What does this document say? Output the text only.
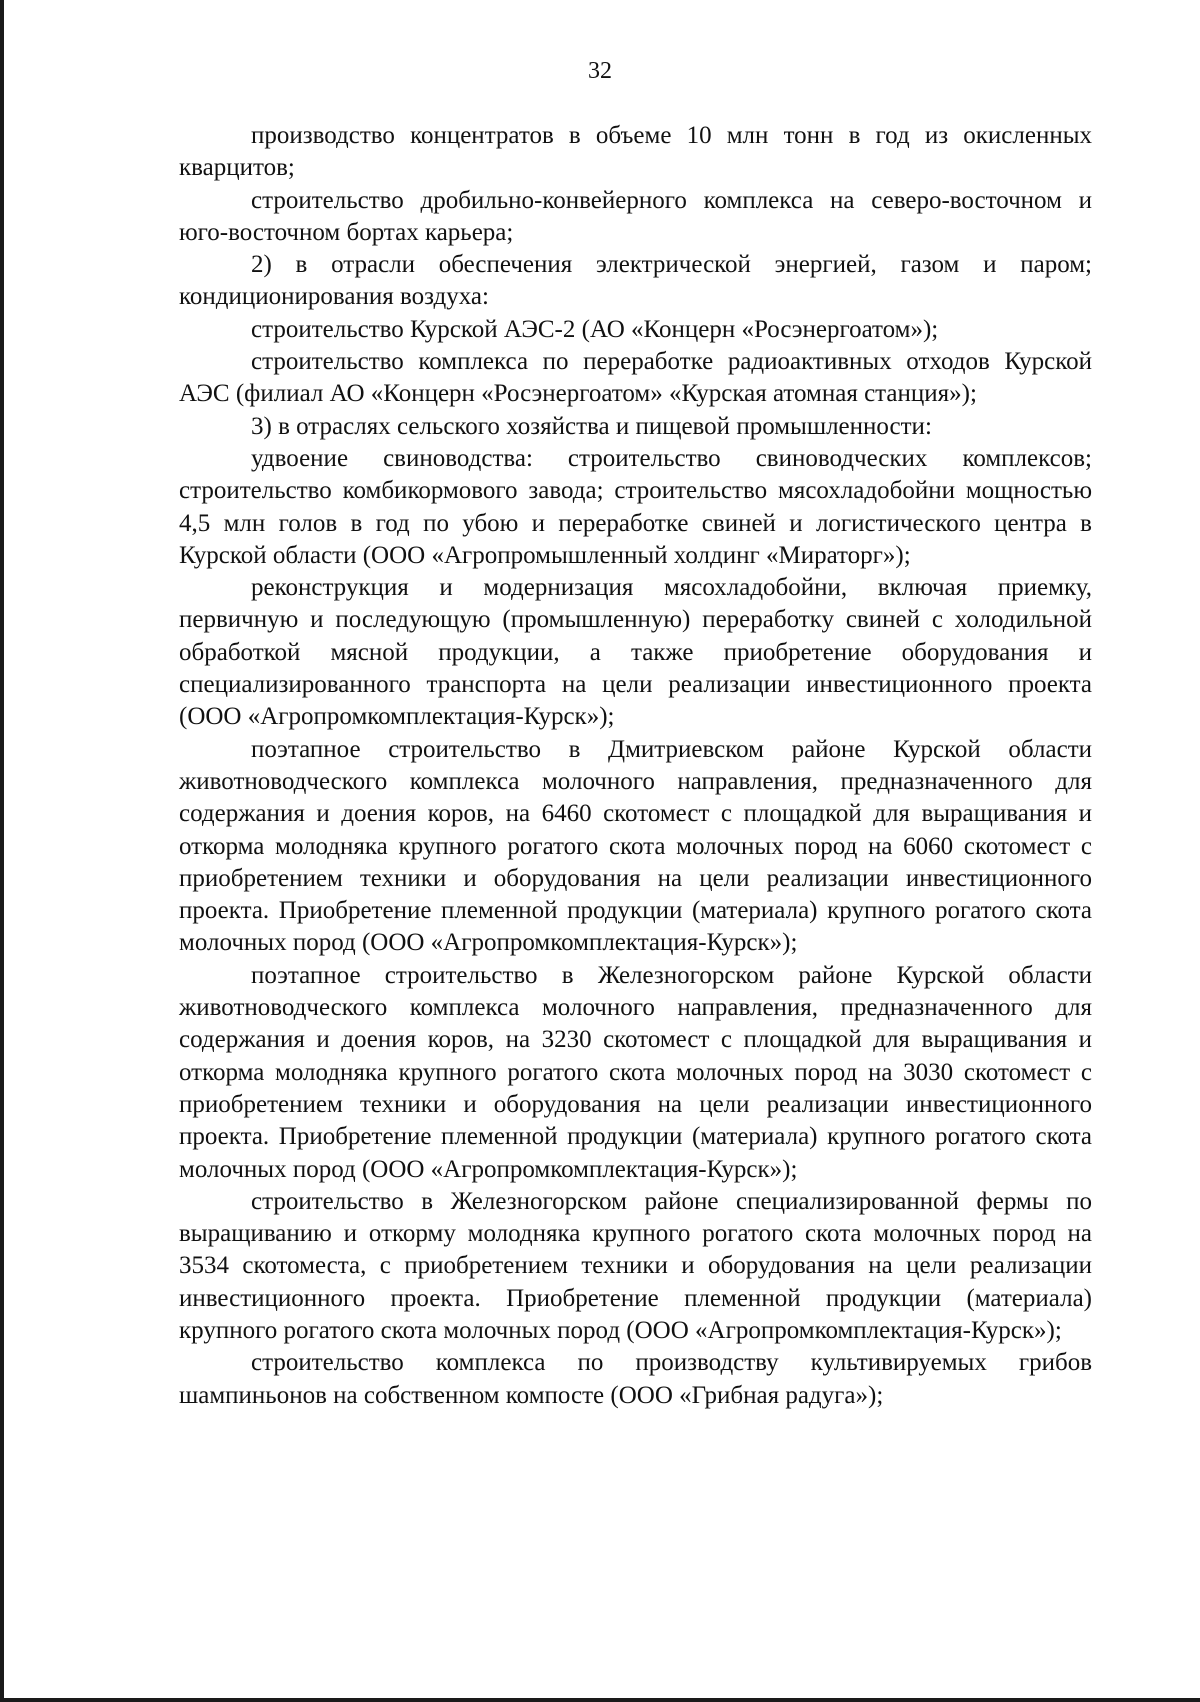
32

производство концентратов в объеме 10 млн тонн в год из окисленных кварцитов;

строительство дробильно-конвейерного комплекса на северо-восточном и юго-восточном бортах карьера;

2) в отрасли обеспечения электрической энергией, газом и паром; кондиционирования воздуха:

строительство Курской АЭС-2 (АО «Концерн «Росэнергоатом»);

строительство комплекса по переработке радиоактивных отходов Курской АЭС (филиал АО «Концерн «Росэнергоатом» «Курская атомная станция»);

3) в отраслях сельского хозяйства и пищевой промышленности:

удвоение свиноводства: строительство свиноводческих комплексов; строительство комбикормового завода; строительство мясохладобойни мощностью 4,5 млн голов в год по убою и переработке свиней и логистического центра в Курской области (ООО «Агропромышленный холдинг «Мираторг»);

реконструкция и модернизация мясохладобойни, включая приемку, первичную и последующую (промышленную) переработку свиней с холодильной обработкой мясной продукции, а также приобретение оборудования и специализированного транспорта на цели реализации инвестиционного проекта (ООО «Агропромкомплектация-Курск»);

поэтапное строительство в Дмитриевском районе Курской области животноводческого комплекса молочного направления, предназначенного для содержания и доения коров, на 6460 скотомест с площадкой для выращивания и откорма молодняка крупного рогатого скота молочных пород на 6060 скотомест с приобретением техники и оборудования на цели реализации инвестиционного проекта. Приобретение племенной продукции (материала) крупного рогатого скота молочных пород (ООО «Агропромкомплектация-Курск»);

поэтапное строительство в Железногорском районе Курской области животноводческого комплекса молочного направления, предназначенного для содержания и доения коров, на 3230 скотомест с площадкой для выращивания и откорма молодняка крупного рогатого скота молочных пород на 3030 скотомест с приобретением техники и оборудования на цели реализации инвестиционного проекта. Приобретение племенной продукции (материала) крупного рогатого скота молочных пород (ООО «Агропромкомплектация-Курск»);

строительство в Железногорском районе специализированной фермы по выращиванию и откорму молодняка крупного рогатого скота молочных пород на 3534 скотоместа, с приобретением техники и оборудования на цели реализации инвестиционного проекта. Приобретение племенной продукции (материала) крупного рогатого скота молочных пород (ООО «Агропромкомплектация-Курск»);

строительство комплекса по производству культивируемых грибов шампиньонов на собственном компосте (ООО «Грибная радуга»);
